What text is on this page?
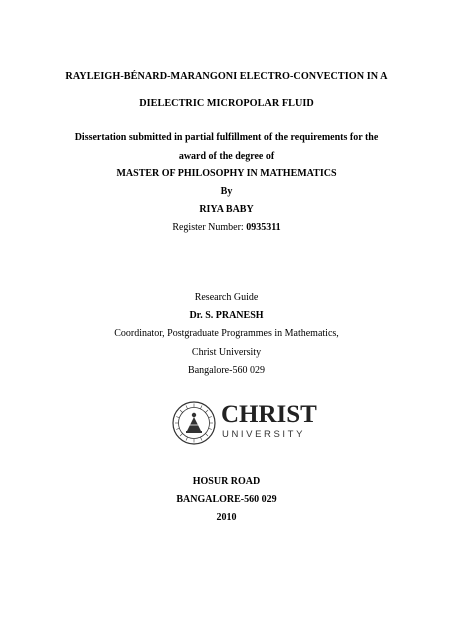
RAYLEIGH-BÉNARD-MARANGONI ELECTRO-CONVECTION IN A
DIELECTRIC MICROPOLAR FLUID
Dissertation submitted in partial fulfillment of the requirements for the
award of the degree of
MASTER OF PHILOSOPHY IN MATHEMATICS
By
RIYA BABY
Register Number: 0935311
Research Guide
Dr. S. PRANESH
Coordinator, Postgraduate Programmes in Mathematics,
Christ University
Bangalore-560 029
CHRIST
UNIVERSITY
HOSUR ROAD
BANGALORE-560 029
2010
